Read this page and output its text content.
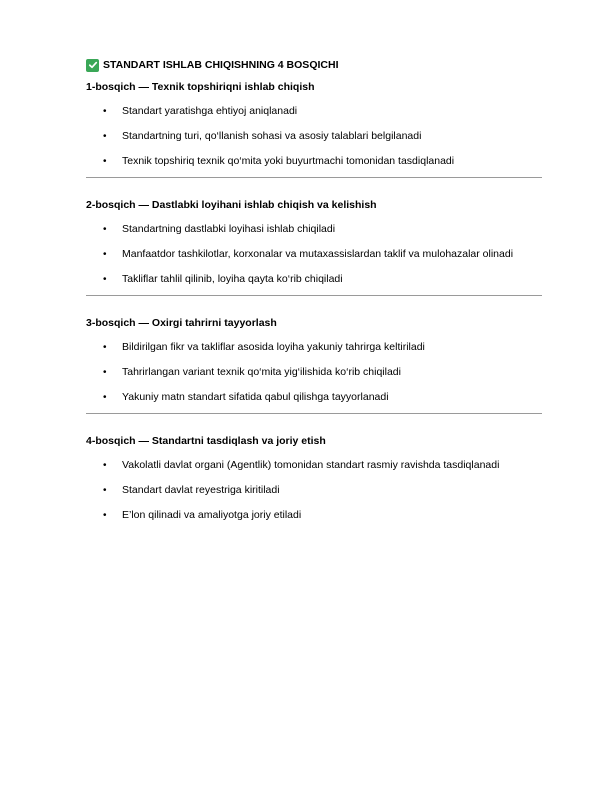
STANDART ISHLAB CHIQISHNING 4 BOSQICHI
1-bosqich — Texnik topshiriqni ishlab chiqish
• Standart yaratishga ehtiyoj aniqlanadi
• Standartning turi, qo‘llanish sohasi va asosiy talablari belgilanadi
• Texnik topshiriq texnik qo‘mita yoki buyurtmachi tomonidan tasdiqlanadi
2-bosqich — Dastlabki loyihani ishlab chiqish va kelishish
• Standartning dastlabki loyihasi ishlab chiqiladi
• Manfaatdor tashkilotlar, korxonalar va mutaxassislardan taklif va mulohazalar olinadi
• Takliflar tahlil qilinib, loyiha qayta ko‘rib chiqiladi
3-bosqich — Oxirgi tahrirni tayyorlash
• Bildirilgan fikr va takliflar asosida loyiha yakuniy tahrirga keltiriladi
• Tahrirlangan variant texnik qo‘mita yig‘ilishida ko‘rib chiqiladi
• Yakuniy matn standart sifatida qabul qilishga tayyorlanadi
4-bosqich — Standartni tasdiqlash va joriy etish
• Vakolatli davlat organi (Agentlik) tomonidan standart rasmiy ravishda tasdiqlanadi
• Standart davlat reyestriga kiritiladi
• E’lon qilinadi va amaliyotga joriy etiladi
